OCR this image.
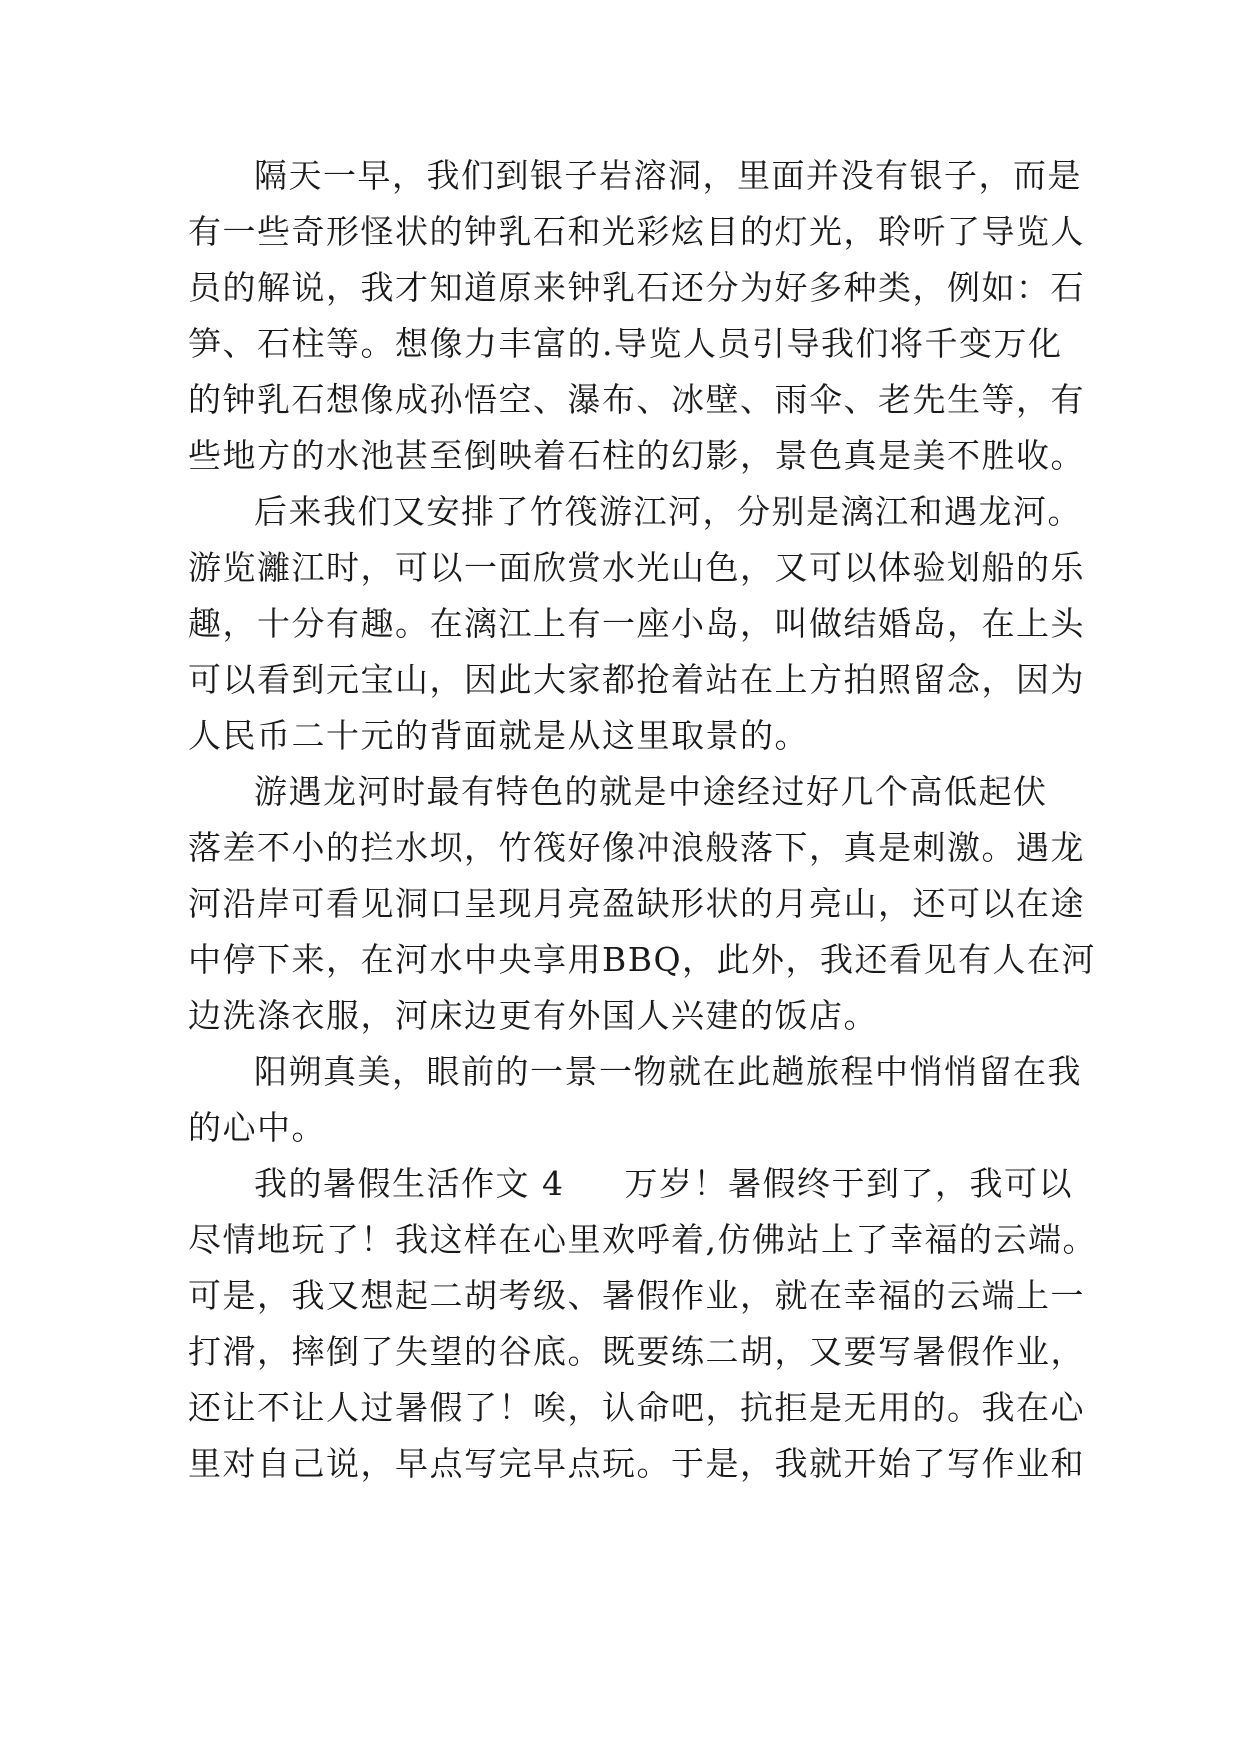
隔天一早，我们到银子岩溶洞，里面并没有银子，而是
有一些奇形怪状的钟乳石和光彩炫目的灯光，聆听了导览人
员的解说，我才知道原来钟乳石还分为好多种类，例如：石
笋、石柱等。想像力丰富的.导览人员引导我们将千变万化
的钟乳石想像成孙悟空、瀑布、冰壁、雨伞、老先生等，有
些地方的水池甚至倒映着石柱的幻影，景色真是美不胜收。
后来我们又安排了竹筏游江河，分别是漓江和遇龙河。
游览灕江时，可以一面欣赏水光山色，又可以体验划船的乐
趣，十分有趣。在漓江上有一座小岛，叫做结婚岛，在上头
可以看到元宝山，因此大家都抢着站在上方拍照留念，因为
人民币二十元的背面就是从这里取景的。
游遇龙河时最有特色的就是中途经过好几个高低起伏
落差不小的拦水坝，竹筏好像冲浪般落下，真是刺激。遇龙
河沿岸可看见洞口呈现月亮盈缺形状的月亮山，还可以在途
中停下来，在河水中央享用BBQ，此外，我还看见有人在河
边洗涤衣服，河床边更有外国人兴建的饭店。
阳朔真美，眼前的一景一物就在此趟旅程中悄悄留在我
的心中。
我的暑假生活作文 4 万岁！暑假终于到了，我可以
尽情地玩了！我这样在心里欢呼着,仿佛站上了幸福的云端。
可是，我又想起二胡考级、暑假作业，就在幸福的云端上一
打滑，摔倒了失望的谷底。既要练二胡，又要写暑假作业，
还让不让人过暑假了！唉，认命吧，抗拒是无用的。我在心
里对自己说，早点写完早点玩。于是，我就开始了写作业和
